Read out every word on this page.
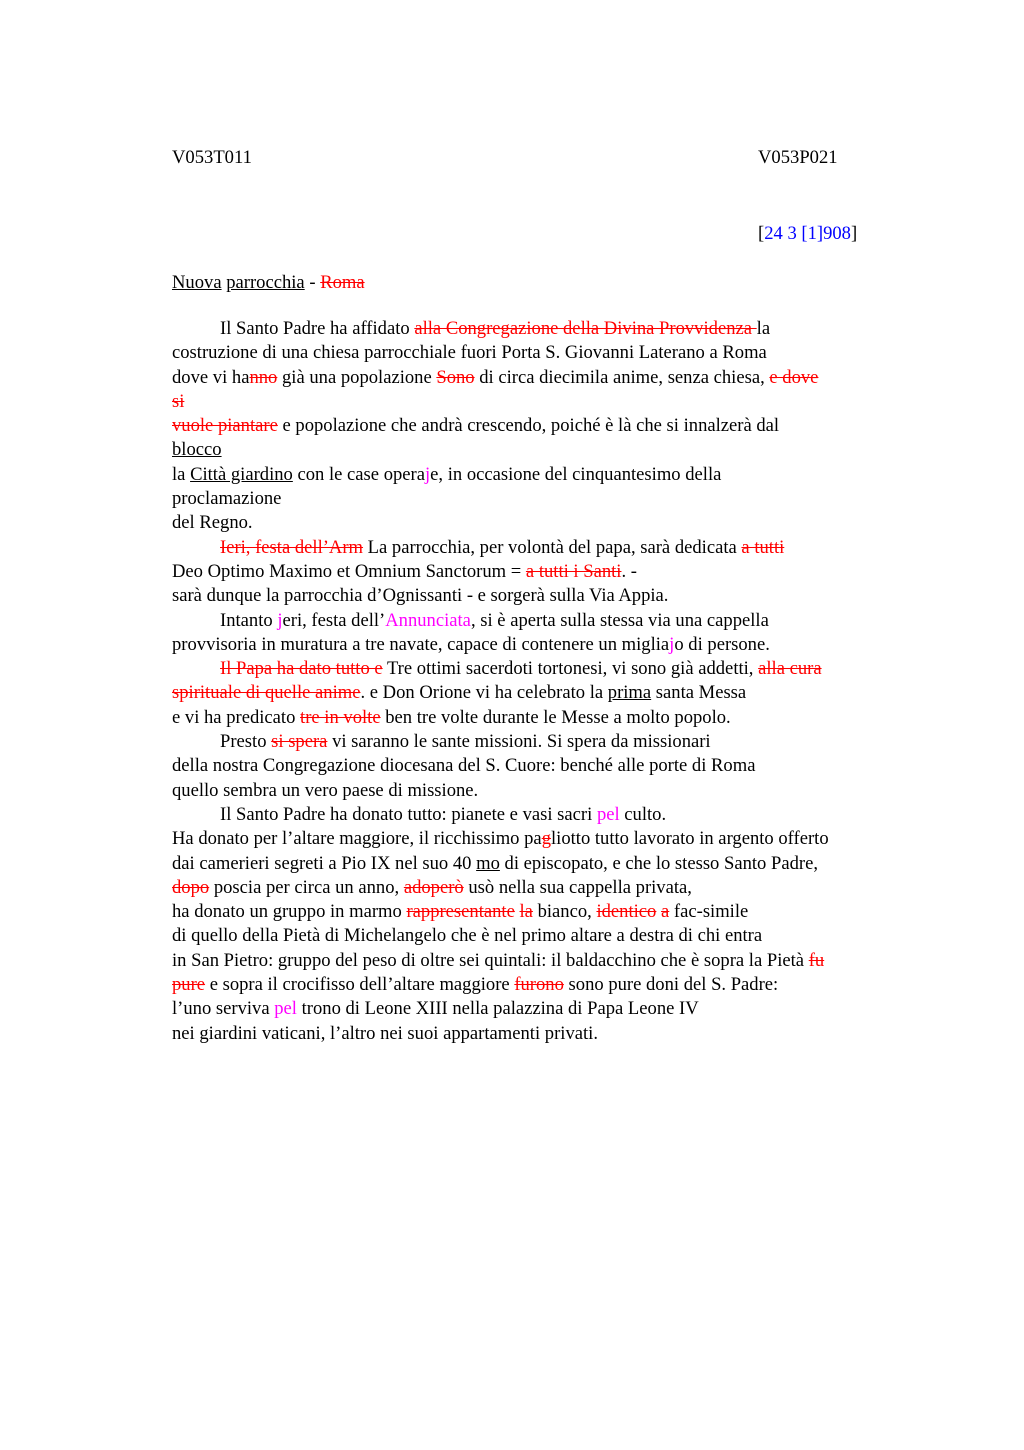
V053T011	V053P021
[24 3 [1]908]
Nuova parrocchia - Roma
Il Santo Padre ha affidato alla Congregazione della Divina Provvidenza la
costruzione di una chiesa parrocchiale fuori Porta S. Giovanni Laterano a Roma
dove vi hanno già una popolazione Sono di circa diecimila anime, senza chiesa, e dove
si
vuole piantare e popolazione che andrà crescendo, poiché è là che si innalzerà dal
blocco
la Città giardino con le case operaje, in occasione del cinquantesimo della
proclamazione
del Regno.
Ieri, festa dell’Arm La parrocchia, per volontà del papa, sarà dedicata a tutti
Deo Optimo Maximo et Omnium Sanctorum = a tutti i Santi. -
sarà dunque la parrocchia d’Ognissanti - e sorgerà sulla Via Appia.
Intanto jeri, festa dell’Annunciata, si è aperta sulla stessa via una cappella
provvisoria in muratura a tre navate, capace di contenere un migliajo di persone.
Il Papa ha dato tutto e Tre ottimi sacerdoti tortonesi, vi sono già addetti, alla cura
spirituale di quelle anime. e Don Orione vi ha celebrato la prima santa Messa
e vi ha predicato tre in volte ben tre volte durante le Messe a molto popolo.
Presto si spera vi saranno le sante missioni. Si spera da missionari
della nostra Congregazione diocesana del S. Cuore: benché alle porte di Roma
quello sembra un vero paese di missione.
Il Santo Padre ha donato tutto: pianete e vasi sacri pel culto.
Ha donato per l’altare maggiore, il ricchissimo pagliotto tutto lavorato in argento offerto
dai camerieri segreti a Pio IX nel suo 40 mo di episcopato, e che lo stesso Santo Padre,
dopo poscia per circa un anno, adoperò usò nella sua cappella privata,
ha donato un gruppo in marmo rappresentante la bianco, identico a fac-simile
di quello della Pietà di Michelangelo che è nel primo altare a destra di chi entra
in San Pietro: gruppo del peso di oltre sei quintali: il baldacchino che è sopra la Pietà fu
pure e sopra il crocifisso dell’altare maggiore furono sono pure doni del S. Padre:
l’uno serviva pel trono di Leone XIII nella palazzina di Papa Leone IV
nei giardini vaticani, l’altro nei suoi appartamenti privati.
